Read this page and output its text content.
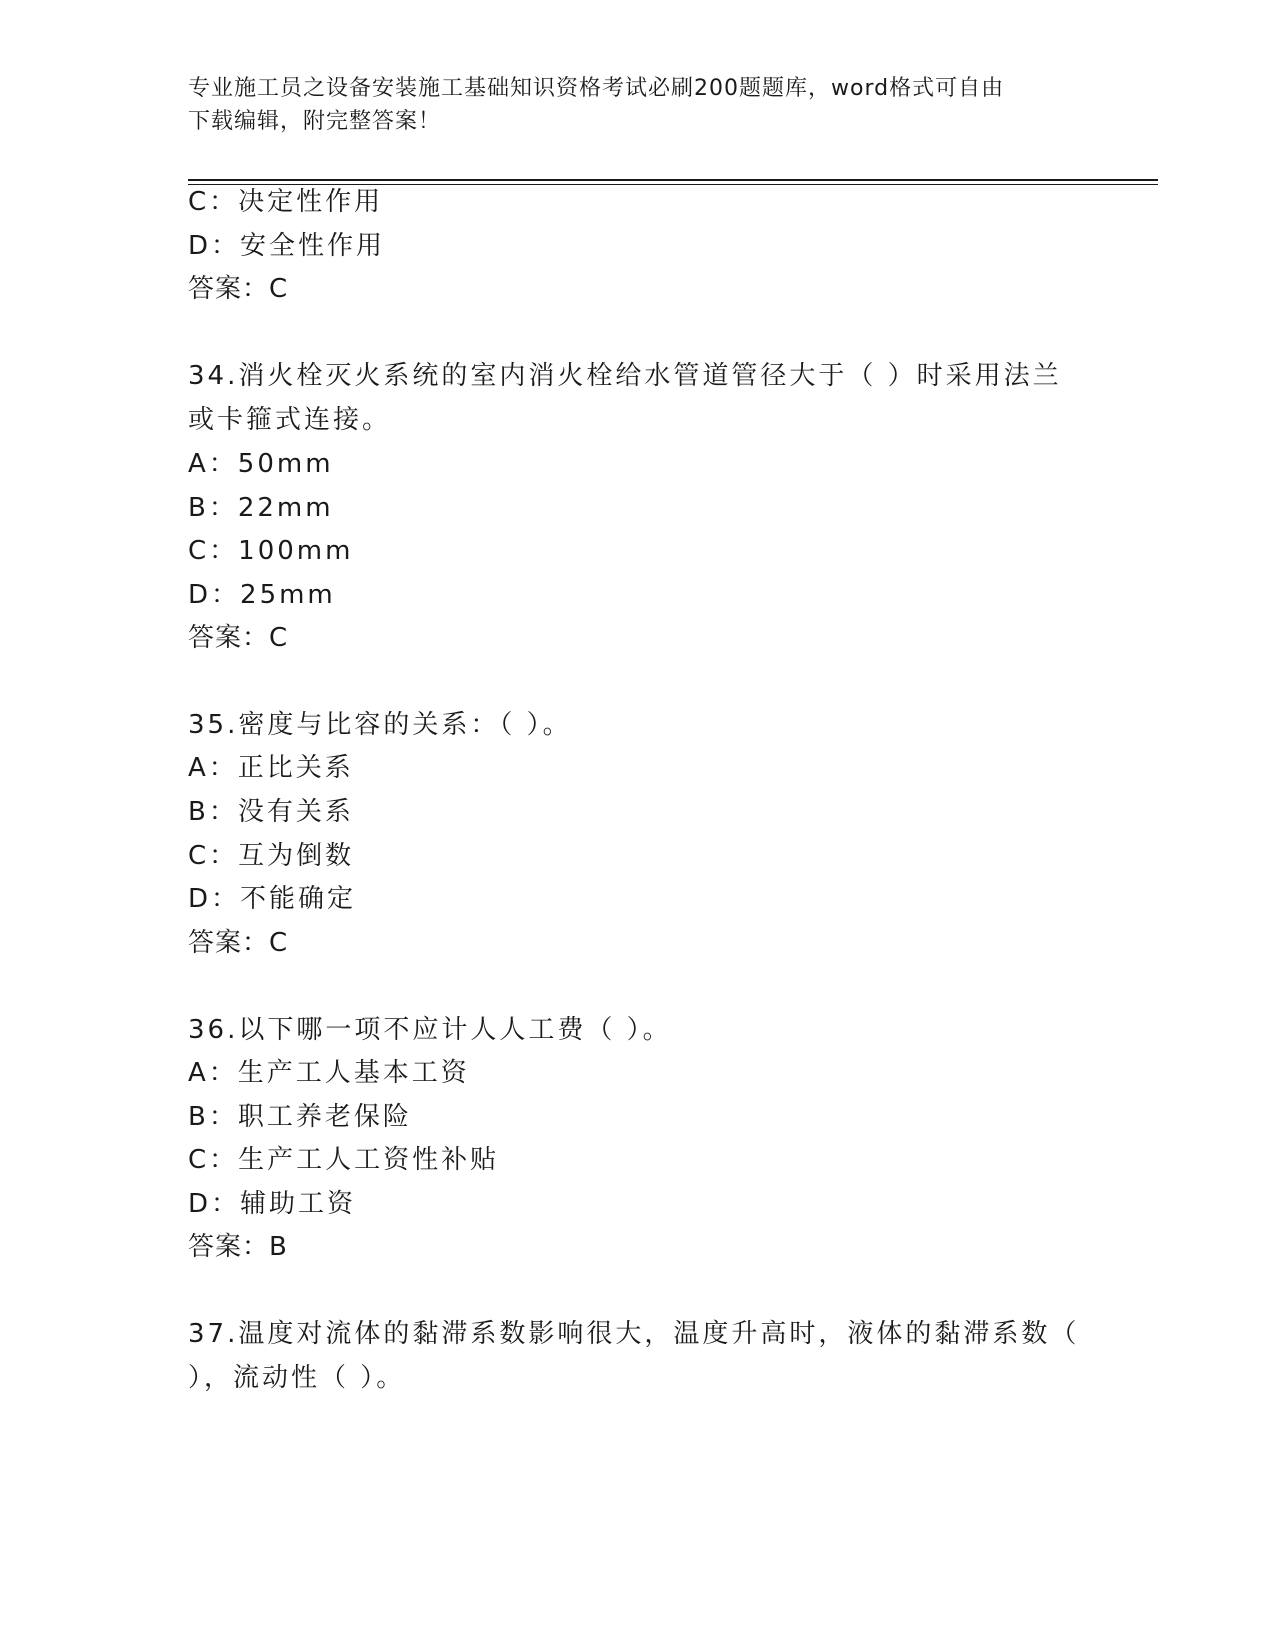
专业施工员之设备安装施工基础知识资格考试必刷200题题库，word格式可自由
下载编辑，附完整答案！
C：决定性作用
D：安全性作用
答案：C
34.消火栓灭火系统的室内消火栓给水管道管径大于（ ）时采用法兰
或卡箍式连接。
A：50mm
B：22mm
C：100mm
D：25mm
答案：C
35.密度与比容的关系：（ ）。
A：正比关系
B：没有关系
C：互为倒数
D：不能确定
答案：C
36.以下哪一项不应计人人工费（ ）。
A：生产工人基本工资
B：职工养老保险
C：生产工人工资性补贴
D：辅助工资
答案：B
37.温度对流体的黏滞系数影响很大，温度升高时，液体的黏滞系数（
），流动性（ ）。
